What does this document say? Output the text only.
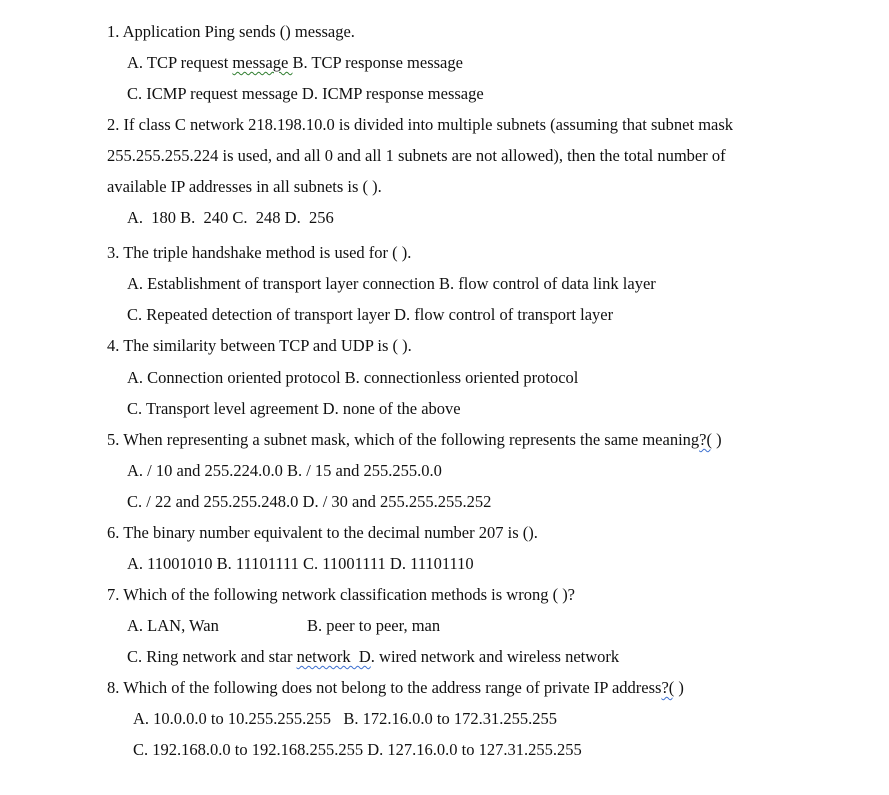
1. Application Ping sends () message.
A. TCP request message B. TCP response message
C. ICMP request message D. ICMP response message
2. If class C network 218.198.10.0 is divided into multiple subnets (assuming that subnet mask
255.255.255.224 is used, and all 0 and all 1 subnets are not allowed), then the total number of
available IP addresses in all subnets is ( ).
A.  180 B.  240 C.  248 D.  256
3. The triple handshake method is used for ( ).
A. Establishment of transport layer connection B. flow control of data link layer
C. Repeated detection of transport layer D. flow control of transport layer
4. The similarity between TCP and UDP is ( ).
A. Connection oriented protocol B. connectionless oriented protocol
C. Transport level agreement D. none of the above
5. When representing a subnet mask, which of the following represents the same meaning?( )
A. / 10 and 255.224.0.0 B. / 15 and 255.255.0.0
C. / 22 and 255.255.248.0 D. / 30 and 255.255.255.252
6. The binary number equivalent to the decimal number 207 is ().
A. 11001010 B. 11101111 C. 11001111 D. 11101110
7. Which of the following network classification methods is wrong ( )?
A. LAN, Wan	B. peer to peer, man
C. Ring network and star network  D. wired network and wireless network
8. Which of the following does not belong to the address range of private IP address?( )
A. 10.0.0.0 to 10.255.255.255   B. 172.16.0.0 to 172.31.255.255
C. 192.168.0.0 to 192.168.255.255 D. 127.16.0.0 to 127.31.255.255
